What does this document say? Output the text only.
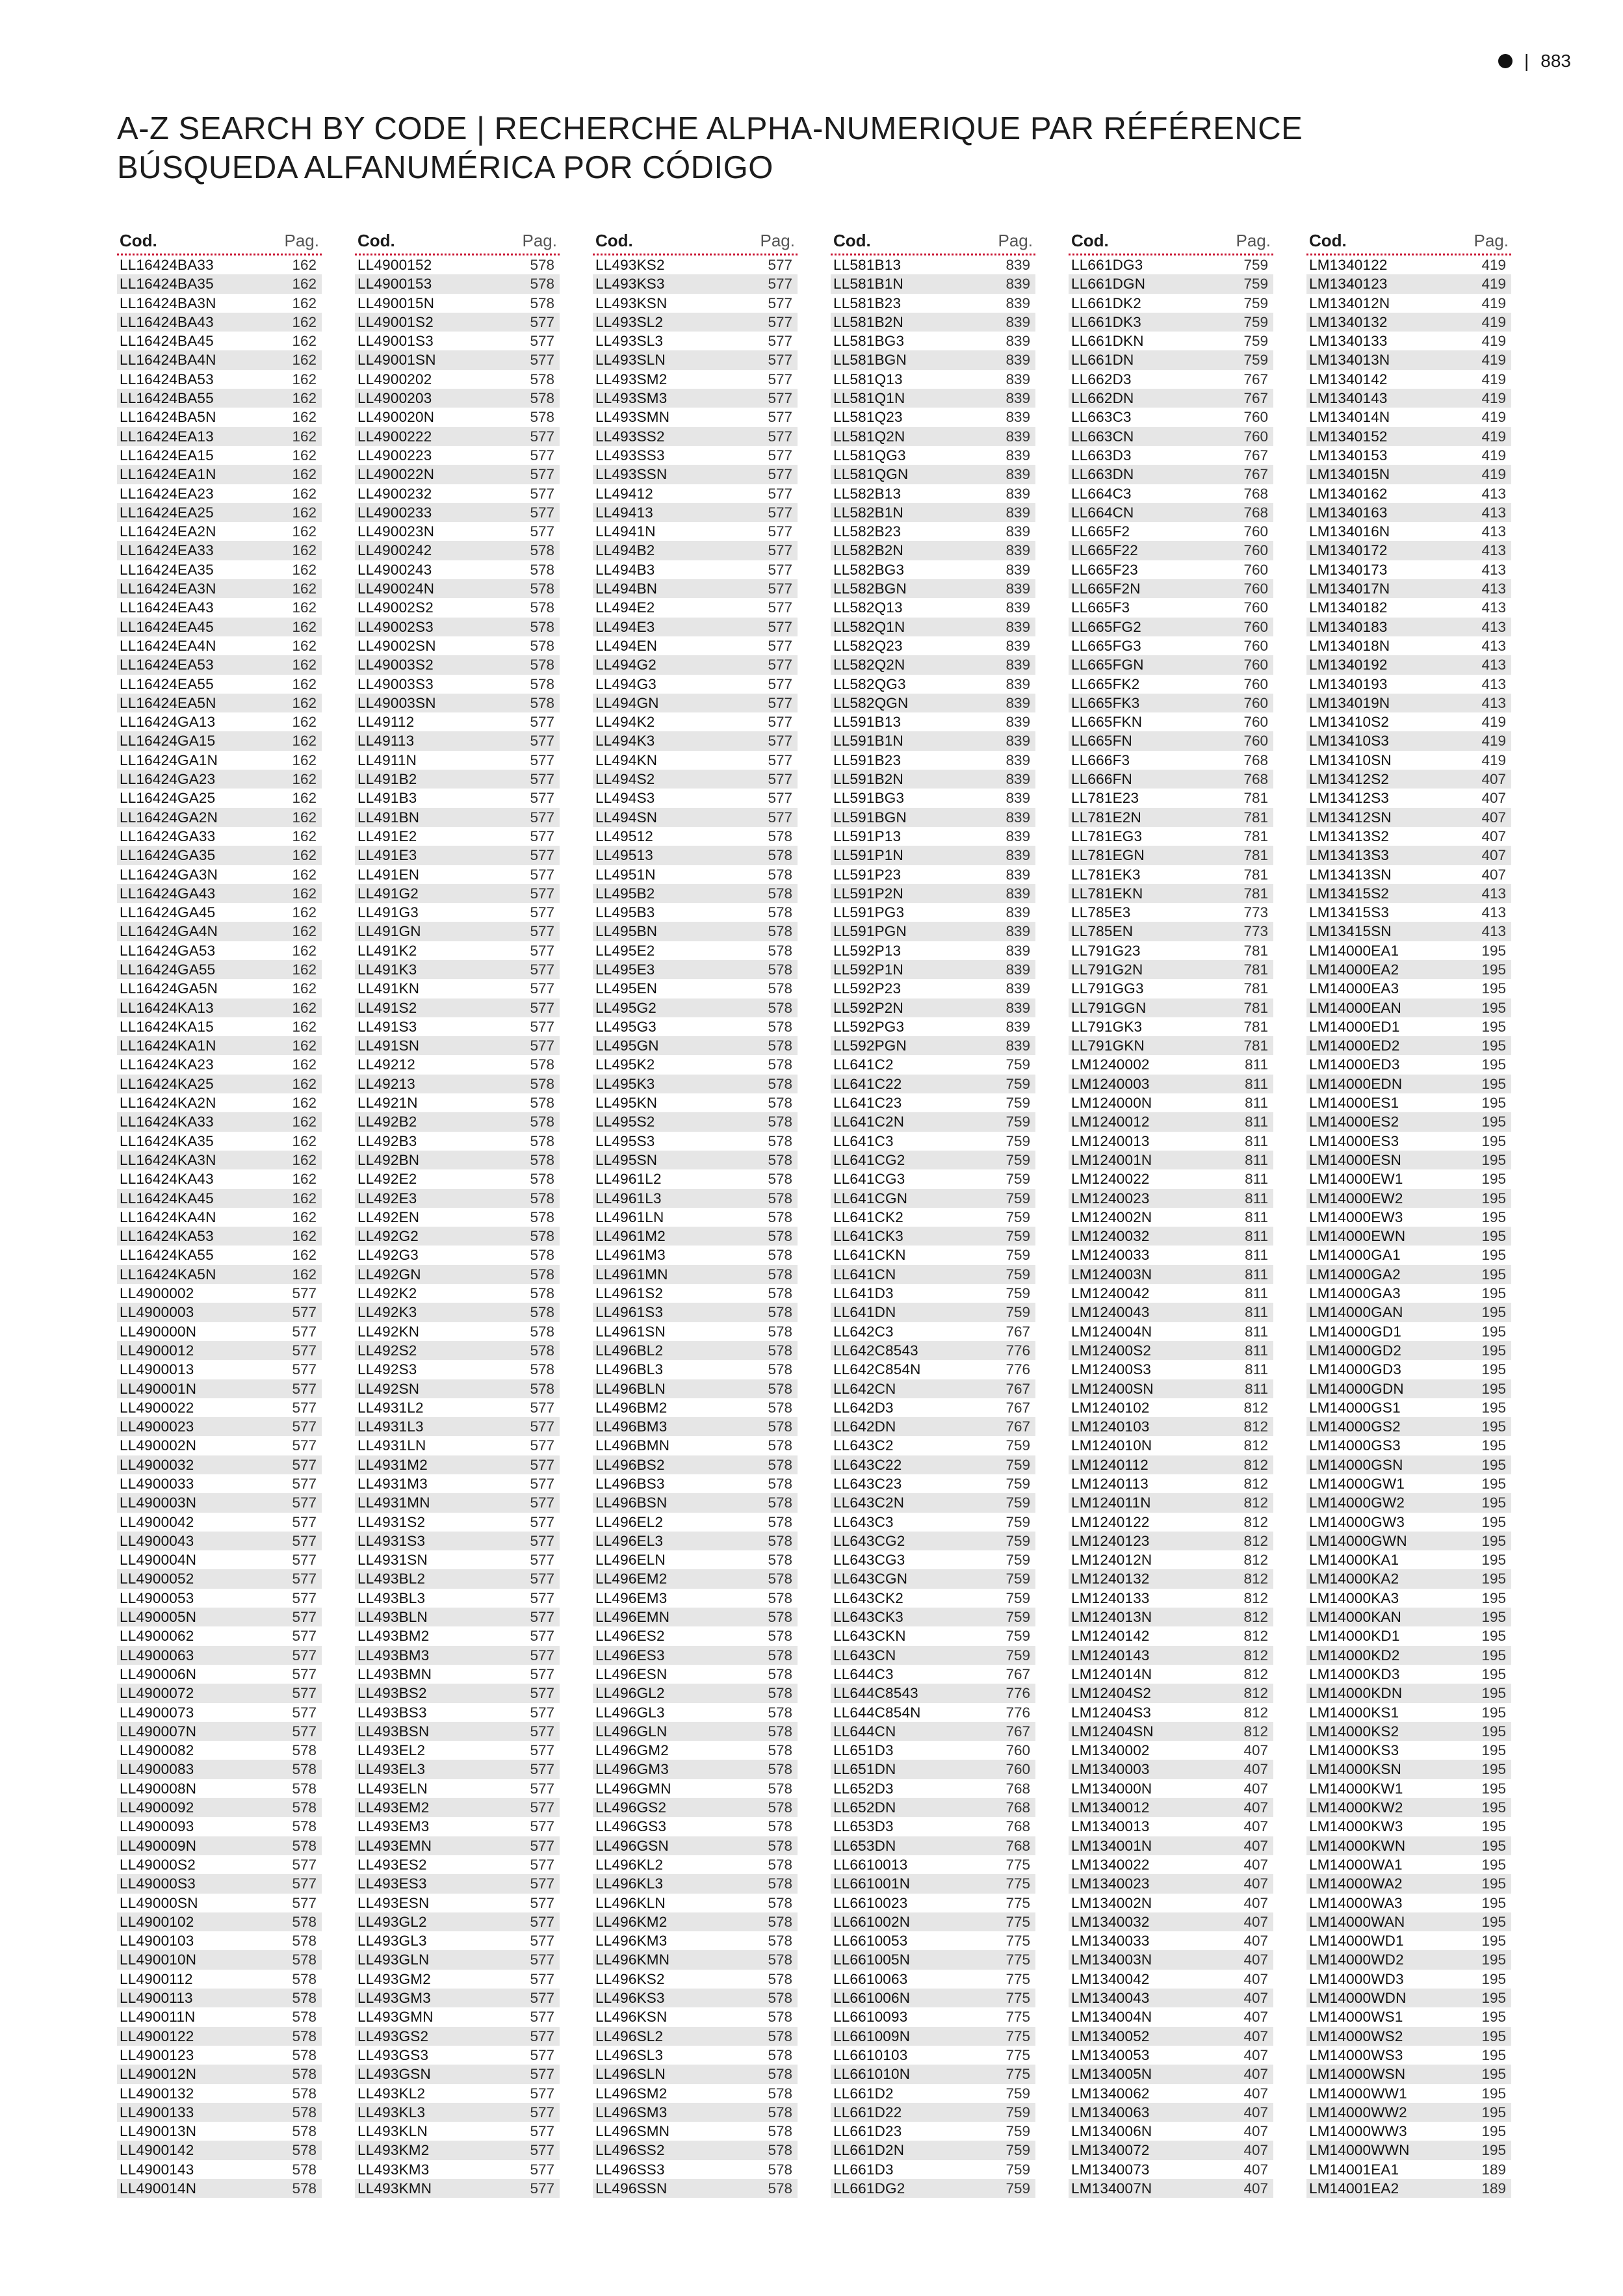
| 883
A-Z SEARCH BY CODE | RECHERCHE ALPHA-NUMERIQUE PAR RÉFÉRENCE
BÚSQUEDA ALFANUMÉRICA POR CÓDIGO
Cod.	Pag.
LL16424BA33	162
LL16424BA35	162
LL16424BA3N	162
LL16424BA43	162
LL16424BA45	162
LL16424BA4N	162
LL16424BA53	162
LL16424BA55	162
LL16424BA5N	162
LL16424EA13	162
LL16424EA15	162
LL16424EA1N	162
LL16424EA23	162
LL16424EA25	162
LL16424EA2N	162
LL16424EA33	162
LL16424EA35	162
LL16424EA3N	162
LL16424EA43	162
LL16424EA45	162
LL16424EA4N	162
LL16424EA53	162
LL16424EA55	162
LL16424EA5N	162
LL16424GA13	162
LL16424GA15	162
LL16424GA1N	162
LL16424GA23	162
LL16424GA25	162
LL16424GA2N	162
LL16424GA33	162
LL16424GA35	162
LL16424GA3N	162
LL16424GA43	162
LL16424GA45	162
LL16424GA4N	162
LL16424GA53	162
LL16424GA55	162
LL16424GA5N	162
LL16424KA13	162
LL16424KA15	162
LL16424KA1N	162
LL16424KA23	162
LL16424KA25	162
LL16424KA2N	162
LL16424KA33	162
LL16424KA35	162
LL16424KA3N	162
LL16424KA43	162
LL16424KA45	162
LL16424KA4N	162
LL16424KA53	162
LL16424KA55	162
LL16424KA5N	162
LL4900002	577
LL4900003	577
LL490000N	577
LL4900012	577
LL4900013	577
LL490001N	577
LL4900022	577
LL4900023	577
LL490002N	577
LL4900032	577
LL4900033	577
LL490003N	577
LL4900042	577
LL4900043	577
LL490004N	577
LL4900052	577
LL4900053	577
LL490005N	577
LL4900062	577
LL4900063	577
LL490006N	577
LL4900072	577
LL4900073	577
LL490007N	577
LL4900082	578
LL4900083	578
LL490008N	578
LL4900092	578
LL4900093	578
LL490009N	578
LL49000S2	577
LL49000S3	577
LL49000SN	577
LL4900102	578
LL4900103	578
LL490010N	578
LL4900112	578
LL4900113	578
LL490011N	578
LL4900122	578
LL4900123	578
LL490012N	578
LL4900132	578
LL4900133	578
LL490013N	578
LL4900142	578
LL4900143	578
LL490014N	578
Cod.	Pag.
LL4900152	578
LL4900153	578
LL490015N	578
LL49001S2	577
LL49001S3	577
LL49001SN	577
LL4900202	578
LL4900203	578
LL490020N	578
LL4900222	577
LL4900223	577
LL490022N	577
LL4900232	577
LL4900233	577
LL490023N	577
LL4900242	578
LL4900243	578
LL490024N	578
LL49002S2	578
LL49002S3	578
LL49002SN	578
LL49003S2	578
LL49003S3	578
LL49003SN	578
LL49112	577
LL49113	577
LL4911N	577
LL491B2	577
LL491B3	577
LL491BN	577
LL491E2	577
LL491E3	577
LL491EN	577
LL491G2	577
LL491G3	577
LL491GN	577
LL491K2	577
LL491K3	577
LL491KN	577
LL491S2	577
LL491S3	577
LL491SN	577
LL49212	578
LL49213	578
LL4921N	578
LL492B2	578
LL492B3	578
LL492BN	578
LL492E2	578
LL492E3	578
LL492EN	578
LL492G2	578
LL492G3	578
LL492GN	578
LL492K2	578
LL492K3	578
LL492KN	578
LL492S2	578
LL492S3	578
LL492SN	578
LL4931L2	577
LL4931L3	577
LL4931LN	577
LL4931M2	577
LL4931M3	577
LL4931MN	577
LL4931S2	577
LL4931S3	577
LL4931SN	577
LL493BL2	577
LL493BL3	577
LL493BLN	577
LL493BM2	577
LL493BM3	577
LL493BMN	577
LL493BS2	577
LL493BS3	577
LL493BSN	577
LL493EL2	577
LL493EL3	577
LL493ELN	577
LL493EM2	577
LL493EM3	577
LL493EMN	577
LL493ES2	577
LL493ES3	577
LL493ESN	577
LL493GL2	577
LL493GL3	577
LL493GLN	577
LL493GM2	577
LL493GM3	577
LL493GMN	577
LL493GS2	577
LL493GS3	577
LL493GSN	577
LL493KL2	577
LL493KL3	577
LL493KLN	577
LL493KM2	577
LL493KM3	577
LL493KMN	577
Cod.	Pag.
LL493KS2	577
LL493KS3	577
LL493KSN	577
LL493SL2	577
LL493SL3	577
LL493SLN	577
LL493SM2	577
LL493SM3	577
LL493SMN	577
LL493SS2	577
LL493SS3	577
LL493SSN	577
LL49412	577
LL49413	577
LL4941N	577
LL494B2	577
LL494B3	577
LL494BN	577
LL494E2	577
LL494E3	577
LL494EN	577
LL494G2	577
LL494G3	577
LL494GN	577
LL494K2	577
LL494K3	577
LL494KN	577
LL494S2	577
LL494S3	577
LL494SN	577
LL49512	578
LL49513	578
LL4951N	578
LL495B2	578
LL495B3	578
LL495BN	578
LL495E2	578
LL495E3	578
LL495EN	578
LL495G2	578
LL495G3	578
LL495GN	578
LL495K2	578
LL495K3	578
LL495KN	578
LL495S2	578
LL495S3	578
LL495SN	578
LL4961L2	578
LL4961L3	578
LL4961LN	578
LL4961M2	578
LL4961M3	578
LL4961MN	578
LL4961S2	578
LL4961S3	578
LL4961SN	578
LL496BL2	578
LL496BL3	578
LL496BLN	578
LL496BM2	578
LL496BM3	578
LL496BMN	578
LL496BS2	578
LL496BS3	578
LL496BSN	578
LL496EL2	578
LL496EL3	578
LL496ELN	578
LL496EM2	578
LL496EM3	578
LL496EMN	578
LL496ES2	578
LL496ES3	578
LL496ESN	578
LL496GL2	578
LL496GL3	578
LL496GLN	578
LL496GM2	578
LL496GM3	578
LL496GMN	578
LL496GS2	578
LL496GS3	578
LL496GSN	578
LL496KL2	578
LL496KL3	578
LL496KLN	578
LL496KM2	578
LL496KM3	578
LL496KMN	578
LL496KS2	578
LL496KS3	578
LL496KSN	578
LL496SL2	578
LL496SL3	578
LL496SLN	578
LL496SM2	578
LL496SM3	578
LL496SMN	578
LL496SS2	578
LL496SS3	578
LL496SSN	578
Cod.	Pag.
LL581B13	839
LL581B1N	839
LL581B23	839
LL581B2N	839
LL581BG3	839
LL581BGN	839
LL581Q13	839
LL581Q1N	839
LL581Q23	839
LL581Q2N	839
LL581QG3	839
LL581QGN	839
LL582B13	839
LL582B1N	839
LL582B23	839
LL582B2N	839
LL582BG3	839
LL582BGN	839
LL582Q13	839
LL582Q1N	839
LL582Q23	839
LL582Q2N	839
LL582QG3	839
LL582QGN	839
LL591B13	839
LL591B1N	839
LL591B23	839
LL591B2N	839
LL591BG3	839
LL591BGN	839
LL591P13	839
LL591P1N	839
LL591P23	839
LL591P2N	839
LL591PG3	839
LL591PGN	839
LL592P13	839
LL592P1N	839
LL592P23	839
LL592P2N	839
LL592PG3	839
LL592PGN	839
LL641C2	759
LL641C22	759
LL641C23	759
LL641C2N	759
LL641C3	759
LL641CG2	759
LL641CG3	759
LL641CGN	759
LL641CK2	759
LL641CK3	759
LL641CKN	759
LL641CN	759
LL641D3	759
LL641DN	759
LL642C3	767
LL642C8543	776
LL642C854N	776
LL642CN	767
LL642D3	767
LL642DN	767
LL643C2	759
LL643C22	759
LL643C23	759
LL643C2N	759
LL643C3	759
LL643CG2	759
LL643CG3	759
LL643CGN	759
LL643CK2	759
LL643CK3	759
LL643CKN	759
LL643CN	759
LL644C3	767
LL644C8543	776
LL644C854N	776
LL644CN	767
LL651D3	760
LL651DN	760
LL652D3	768
LL652DN	768
LL653D3	768
LL653DN	768
LL6610013	775
LL661001N	775
LL6610023	775
LL661002N	775
LL6610053	775
LL661005N	775
LL6610063	775
LL661006N	775
LL6610093	775
LL661009N	775
LL6610103	775
LL661010N	775
LL661D2	759
LL661D22	759
LL661D23	759
LL661D2N	759
LL661D3	759
LL661DG2	759
Cod.	Pag.
LL661DG3	759
LL661DGN	759
LL661DK2	759
LL661DK3	759
LL661DKN	759
LL661DN	759
LL662D3	767
LL662DN	767
LL663C3	760
LL663CN	760
LL663D3	767
LL663DN	767
LL664C3	768
LL664CN	768
LL665F2	760
LL665F22	760
LL665F23	760
LL665F2N	760
LL665F3	760
LL665FG2	760
LL665FG3	760
LL665FGN	760
LL665FK2	760
LL665FK3	760
LL665FKN	760
LL665FN	760
LL666F3	768
LL666FN	768
LL781E23	781
LL781E2N	781
LL781EG3	781
LL781EGN	781
LL781EK3	781
LL781EKN	781
LL785E3	773
LL785EN	773
LL791G23	781
LL791G2N	781
LL791GG3	781
LL791GGN	781
LL791GK3	781
LL791GKN	781
LM1240002	811
LM1240003	811
LM124000N	811
LM1240012	811
LM1240013	811
LM124001N	811
LM1240022	811
LM1240023	811
LM124002N	811
LM1240032	811
LM1240033	811
LM124003N	811
LM1240042	811
LM1240043	811
LM124004N	811
LM12400S2	811
LM12400S3	811
LM12400SN	811
LM1240102	812
LM1240103	812
LM124010N	812
LM1240112	812
LM1240113	812
LM124011N	812
LM1240122	812
LM1240123	812
LM124012N	812
LM1240132	812
LM1240133	812
LM124013N	812
LM1240142	812
LM1240143	812
LM124014N	812
LM12404S2	812
LM12404S3	812
LM12404SN	812
LM1340002	407
LM1340003	407
LM134000N	407
LM1340012	407
LM1340013	407
LM134001N	407
LM1340022	407
LM1340023	407
LM134002N	407
LM1340032	407
LM1340033	407
LM134003N	407
LM1340042	407
LM1340043	407
LM134004N	407
LM1340052	407
LM1340053	407
LM134005N	407
LM1340062	407
LM1340063	407
LM134006N	407
LM1340072	407
LM1340073	407
LM134007N	407
Cod.	Pag.
LM1340122	419
LM1340123	419
LM134012N	419
LM1340132	419
LM1340133	419
LM134013N	419
LM1340142	419
LM1340143	419
LM134014N	419
LM1340152	419
LM1340153	419
LM134015N	419
LM1340162	413
LM1340163	413
LM134016N	413
LM1340172	413
LM1340173	413
LM134017N	413
LM1340182	413
LM1340183	413
LM134018N	413
LM1340192	413
LM1340193	413
LM134019N	413
LM13410S2	419
LM13410S3	419
LM13410SN	419
LM13412S2	407
LM13412S3	407
LM13412SN	407
LM13413S2	407
LM13413S3	407
LM13413SN	407
LM13415S2	413
LM13415S3	413
LM13415SN	413
LM14000EA1	195
LM14000EA2	195
LM14000EA3	195
LM14000EAN	195
LM14000ED1	195
LM14000ED2	195
LM14000ED3	195
LM14000EDN	195
LM14000ES1	195
LM14000ES2	195
LM14000ES3	195
LM14000ESN	195
LM14000EW1	195
LM14000EW2	195
LM14000EW3	195
LM14000EWN	195
LM14000GA1	195
LM14000GA2	195
LM14000GA3	195
LM14000GAN	195
LM14000GD1	195
LM14000GD2	195
LM14000GD3	195
LM14000GDN	195
LM14000GS1	195
LM14000GS2	195
LM14000GS3	195
LM14000GSN	195
LM14000GW1	195
LM14000GW2	195
LM14000GW3	195
LM14000GWN	195
LM14000KA1	195
LM14000KA2	195
LM14000KA3	195
LM14000KAN	195
LM14000KD1	195
LM14000KD2	195
LM14000KD3	195
LM14000KDN	195
LM14000KS1	195
LM14000KS2	195
LM14000KS3	195
LM14000KSN	195
LM14000KW1	195
LM14000KW2	195
LM14000KW3	195
LM14000KWN	195
LM14000WA1	195
LM14000WA2	195
LM14000WA3	195
LM14000WAN	195
LM14000WD1	195
LM14000WD2	195
LM14000WD3	195
LM14000WDN	195
LM14000WS1	195
LM14000WS2	195
LM14000WS3	195
LM14000WSN	195
LM14000WW1	195
LM14000WW2	195
LM14000WW3	195
LM14000WWN	195
LM14001EA1	189
LM14001EA2	189
